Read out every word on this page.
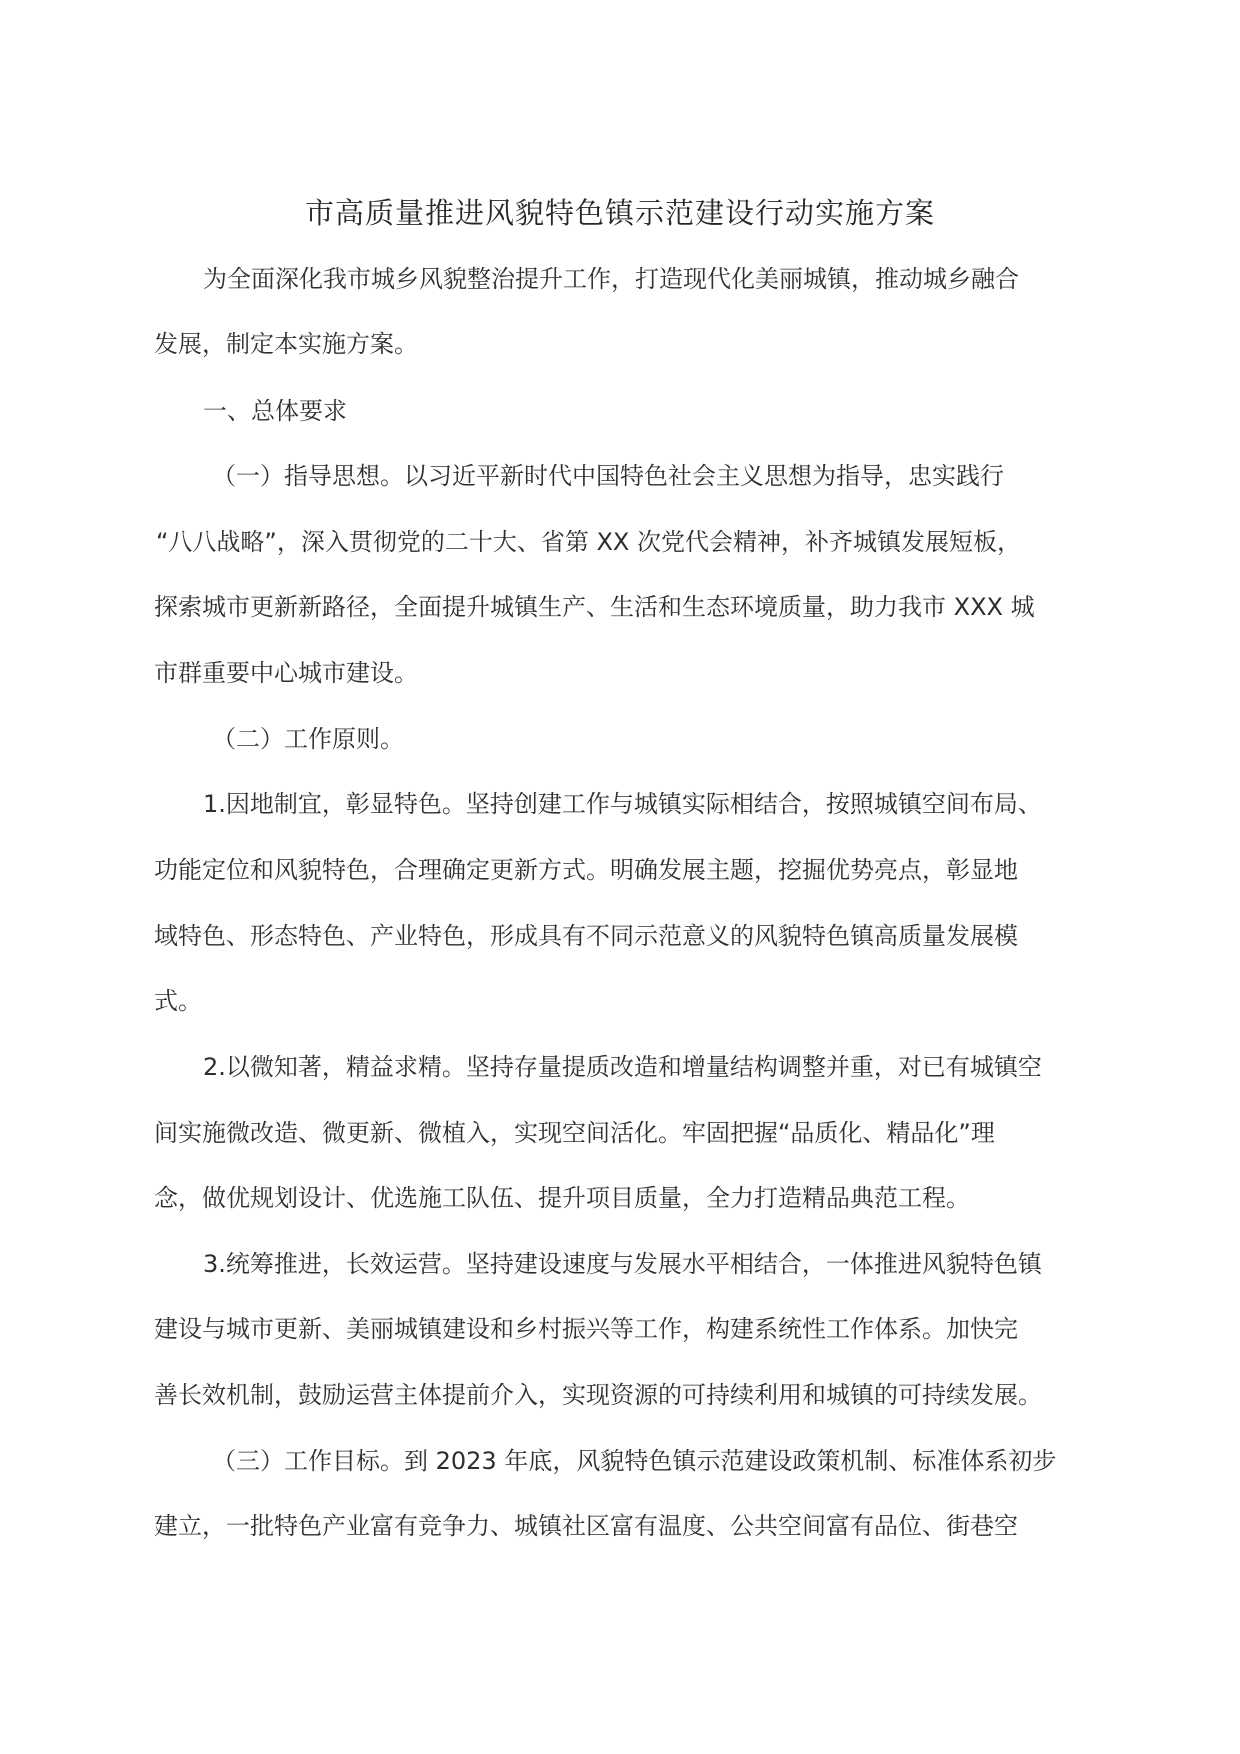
市高质量推进风貌特色镇示范建设行动实施方案
为全面深化我市城乡风貌整治提升工作，打造现代化美丽城镇，推动城乡融合
发展，制定本实施方案。
一、总体要求
（一）指导思想。以习近平新时代中国特色社会主义思想为指导，忠实践行
“八八战略”，深入贯彻党的二十大、省第 XX 次党代会精神，补齐城镇发展短板，
探索城市更新新路径，全面提升城镇生产、生活和生态环境质量，助力我市 XXX 城
市群重要中心城市建设。
（二）工作原则。
1.因地制宜，彰显特色。坚持创建工作与城镇实际相结合，按照城镇空间布局、
功能定位和风貌特色，合理确定更新方式。明确发展主题，挖掘优势亮点，彰显地
域特色、形态特色、产业特色，形成具有不同示范意义的风貌特色镇高质量发展模
式。
2.以微知著，精益求精。坚持存量提质改造和增量结构调整并重，对已有城镇空
间实施微改造、微更新、微植入，实现空间活化。牢固把握“品质化、精品化”理
念，做优规划设计、优选施工队伍、提升项目质量，全力打造精品典范工程。
3.统筹推进，长效运营。坚持建设速度与发展水平相结合，一体推进风貌特色镇
建设与城市更新、美丽城镇建设和乡村振兴等工作，构建系统性工作体系。加快完
善长效机制，鼓励运营主体提前介入，实现资源的可持续利用和城镇的可持续发展。
（三）工作目标。到 2023 年底，风貌特色镇示范建设政策机制、标准体系初步
建立，一批特色产业富有竞争力、城镇社区富有温度、公共空间富有品位、街巷空
